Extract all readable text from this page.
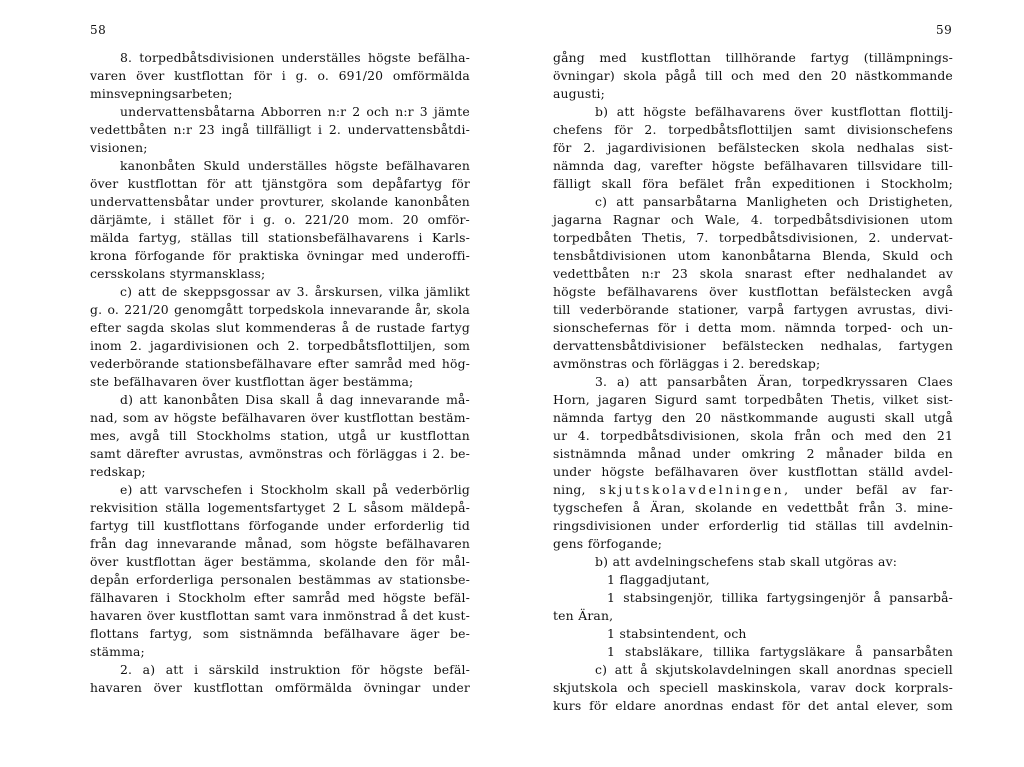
58
8. torpedbåtsdivisionen underställes högste befälha-
varen över kustflottan för i g. o. 691/20 omförmälda
minsvepningsarbeten;
undervattensbåtarna Abborren n:r 2 och n:r 3 jämte
vedettbåten n:r 23 ingå tillfälligt i 2. undervattensbåtdi-
visionen;
kanonbåten Skuld underställes högste befälhavaren
över kustflottan för att tjänstgöra som depåfartyg för
undervattensbåtar under provturer, skolande kanonbåten
därjämte, i stället för i g. o. 221/20 mom. 20 omför-
mälda fartyg, ställas till stationsbefälhavarens i Karls-
krona förfogande för praktiska övningar med underoffi-
cersskolans styrmansklass;
c) att de skeppsgossar av 3. årskursen, vilka jämlikt
g. o. 221/20 genomgått torpedskola innevarande år, skola
efter sagda skolas slut kommenderas å de rustade fartyg
inom 2. jagardivisionen och 2. torpedbåtsflottiljen, som
vederbörande stationsbefälhavare efter samråd med hög-
ste befälhavaren över kustflottan äger bestämma;
d) att kanonbåten Disa skall å dag innevarande må-
nad, som av högste befälhavaren över kustflottan bestäm-
mes, avgå till Stockholms station, utgå ur kustflottan
samt därefter avrustas, avmönstras och förläggas i 2. be-
redskap;
e) att varvschefen i Stockholm skall på vederbörlig
rekvisition ställa logementsfartyget 2 L såsom mäldepå-
fartyg till kustflottans förfogande under erforderlig tid
från dag innevarande månad, som högste befälhavaren
över kustflottan äger bestämma, skolande den för mål-
depån erforderliga personalen bestämmas av stationsbe-
fälhavaren i Stockholm efter samråd med högste befäl-
havaren över kustflottan samt vara inmönstrad å det kust-
flottans fartyg, som sistnämnda befälhavare äger be-
stämma;
2. a) att i särskild instruktion för högste befäl-
havaren över kustflottan omförmälda övningar under
59
gång med kustflottan tillhörande fartyg (tillämpnings-
övningar) skola pågå till och med den 20 nästkommande
augusti;
b) att högste befälhavarens över kustflottan flottilj-
chefens för 2. torpedbåtsflottiljen samt divisionschefens
för 2. jagardivisionen befälstecken skola nedhalas sist-
nämnda dag, varefter högste befälhavaren tillsvidare till-
fälligt skall föra befälet från expeditionen i Stockholm;
c) att pansarbåtarna Manligheten och Dristigheten,
jagarna Ragnar och Wale, 4. torpedbåtsdivisionen utom
torpedbåten Thetis, 7. torpedbåtsdivisionen, 2. undervat-
tensbåtdivisionen utom kanonbåtarna Blenda, Skuld och
vedettbåten n:r 23 skola snarast efter nedhalandet av
högste befälhavarens över kustflottan befälstecken avgå
till vederbörande stationer, varpå fartygen avrustas, divi-
sionschefernas för i detta mom. nämnda torped- och un-
dervattensbåtdivisioner befälstecken nedhalas, fartygen
avmönstras och förläggas i 2. beredskap;
3. a) att pansarbåten Äran, torpedkryssaren Claes
Horn, jagaren Sigurd samt torpedbåten Thetis, vilket sist-
nämnda fartyg den 20 nästkommande augusti skall utgå
ur 4. torpedbåtsdivisionen, skola från och med den 21
sistnämnda månad under omkring 2 månader bilda en
under högste befälhavaren över kustflottan ställd avdel-
ning, skjutskolavdelningen, under befäl av far-
tygschefen å Äran, skolande en vedettbåt från 3. mine-
ringsdivisionen under erforderlig tid ställas till avdelnin-
gens förfogande;
b) att avdelningschefens stab skall utgöras av:
1 flaggadjutant,
1 stabsingenjör, tillika fartygsingenjör å pansarbå-
ten Äran,
1 stabsintendent, och
1 stabsläkare, tillika fartygsläkare å pansarbåten
c) att å skjutskolavdelningen skall anordnas speciell
skjutskola och speciell maskinskola, varav dock korprals-
kurs för eldare anordnas endast för det antal elever, som
